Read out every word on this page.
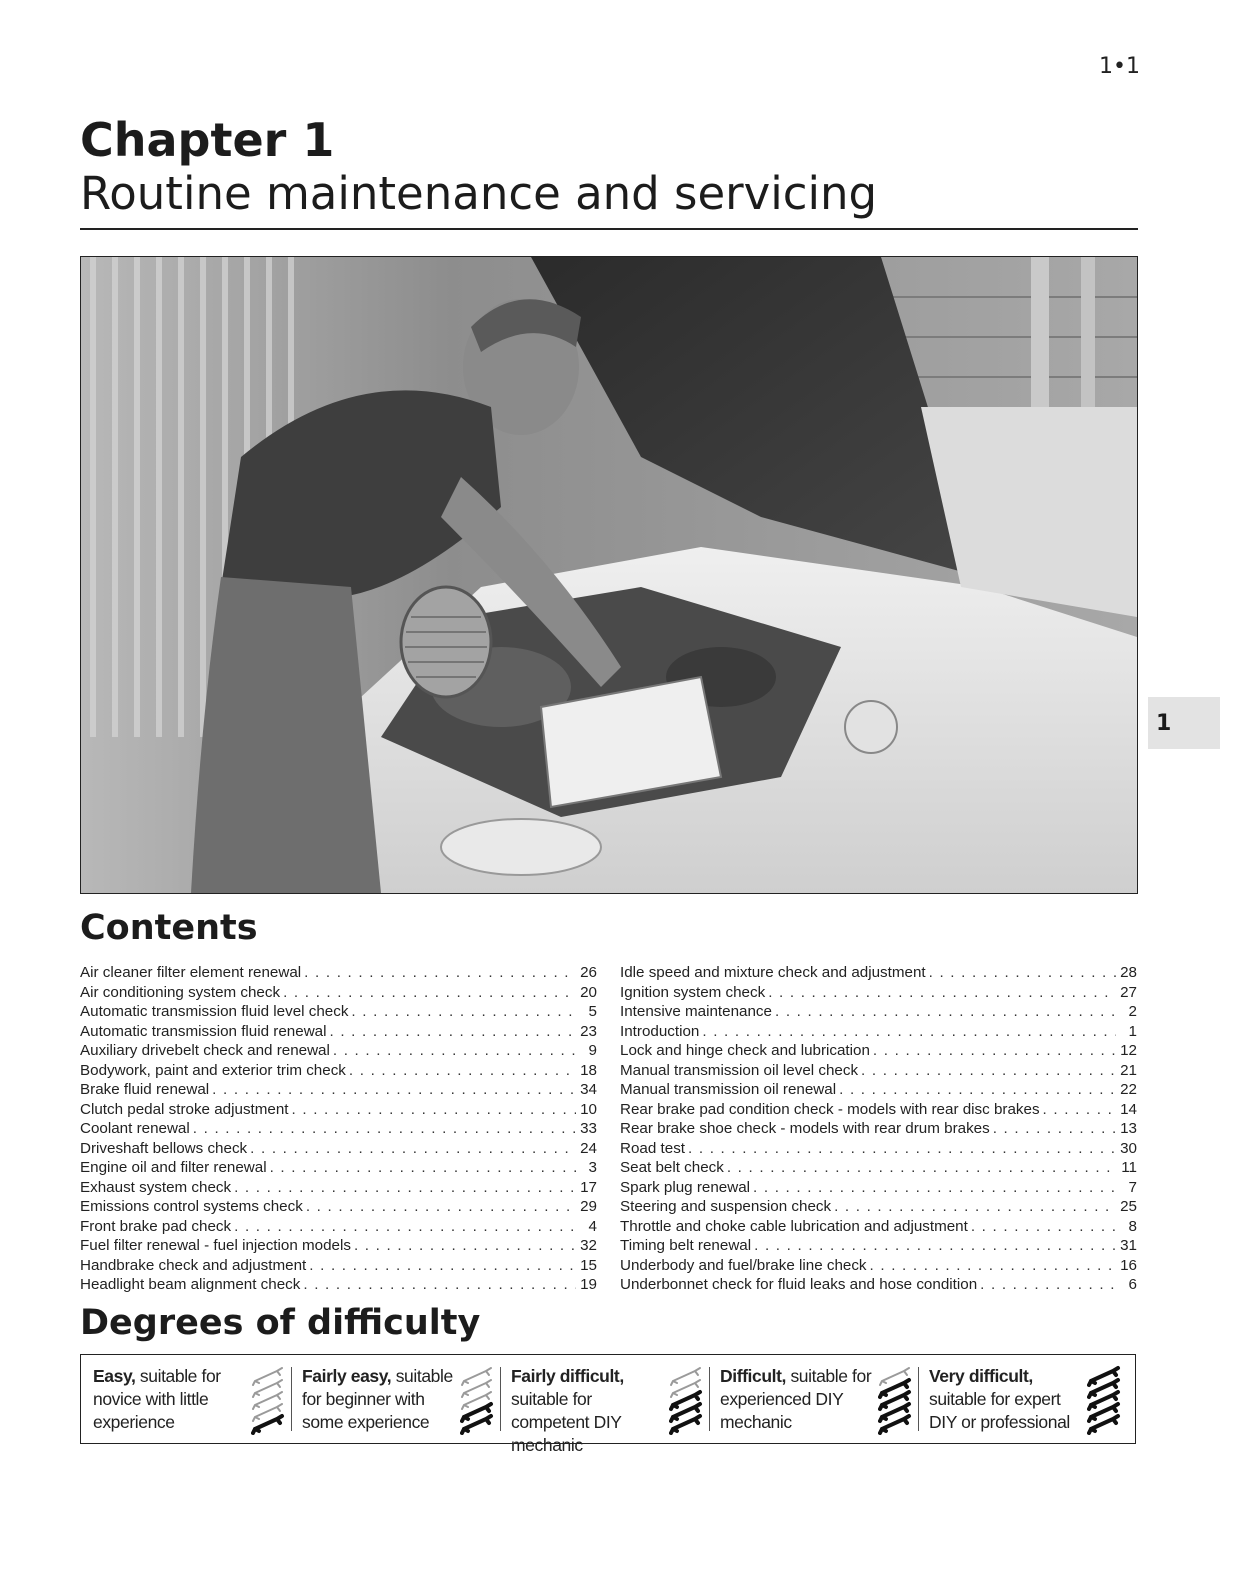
1•1
Chapter 1
Routine maintenance and servicing
1
Contents
Air cleaner filter element renewal . . .	26
Air conditioning system check . . .	20
Automatic transmission fluid level check . . .	5
Automatic transmission fluid renewal . . .	23
Auxiliary drivebelt check and renewal . . .	9
Bodywork, paint and exterior trim check . . .	18
Brake fluid renewal . . .	34
Clutch pedal stroke adjustment . . .	10
Coolant renewal . . .	33
Driveshaft bellows check . . .	24
Engine oil and filter renewal . . .	3
Exhaust system check . . .	17
Emissions control systems check . . .	29
Front brake pad check . . .	4
Fuel filter renewal - fuel injection models . . .	32
Handbrake check and adjustment . . .	15
Headlight beam alignment check . . .	19
Idle speed and mixture check and adjustment . . .	28
Ignition system check . . .	27
Intensive maintenance . . .	2
Introduction . . .	1
Lock and hinge check and lubrication . . .	12
Manual transmission oil level check . . .	21
Manual transmission oil renewal . . .	22
Rear brake pad condition check - models with rear disc brakes . . .	14
Rear brake shoe check - models with rear drum brakes . . .	13
Road test . . .	30
Seat belt check . . .	11
Spark plug renewal . . .	7
Steering and suspension check . . .	25
Throttle and choke cable lubrication and adjustment . . .	8
Timing belt renewal . . .	31
Underbody and fuel/brake line check . . .	16
Underbonnet check for fluid leaks and hose condition . . .	6
Degrees of difficulty
Easy, suitable for novice with little experience
Fairly easy, suitable for beginner with some experience
Fairly difficult, suitable for competent DIY mechanic
Difficult, suitable for experienced DIY mechanic
Very difficult, suitable for expert DIY or professional
